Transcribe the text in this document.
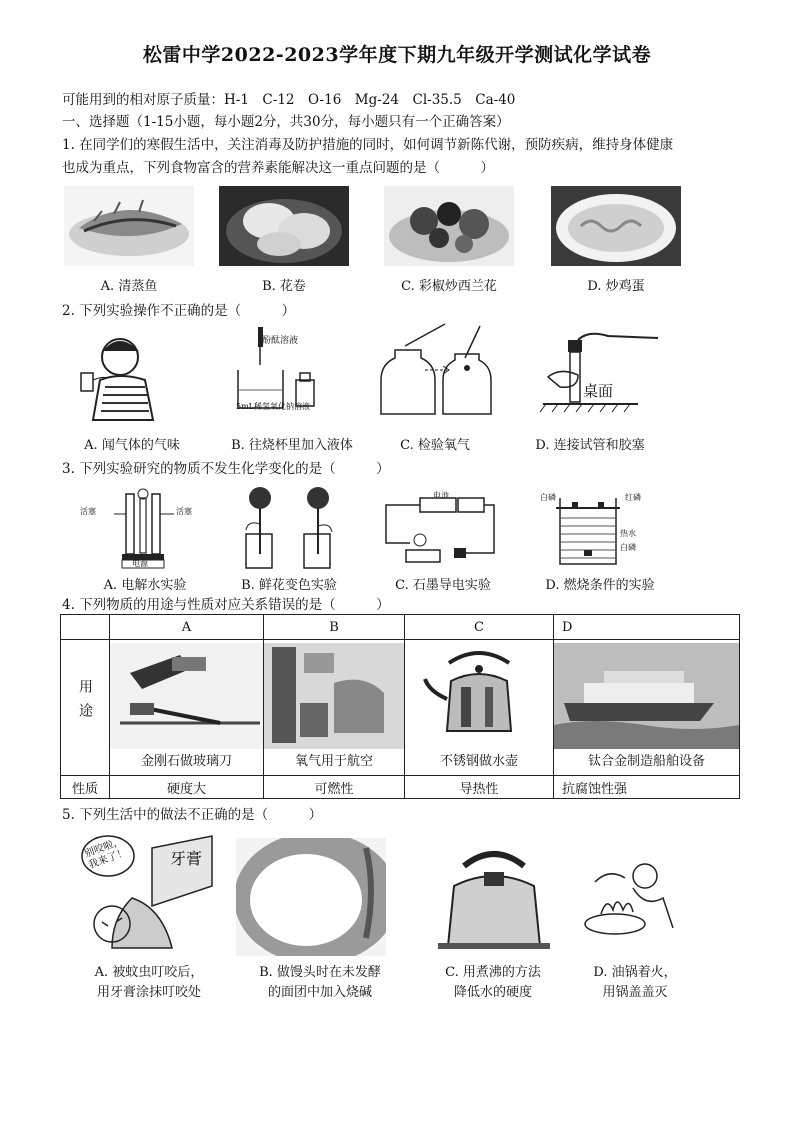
松雷中学2022-2023学年度下期九年级开学测试化学试卷
可能用到的相对原子质量：H-1　C-12　O-16　Mg-24　Cl-35.5　Ca-40
一、选择题（1-15小题，每小题2分，共30分，每小题只有一个正确答案）
1. 在同学们的寒假生活中，关注消毒及防护措施的同时，如何调节新陈代谢，预防疾病，维持身体健康
也成为重点，下列食物富含的营养素能解决这一重点问题的是（　　　）
A. 清蒸鱼	B. 花卷	C. 彩椒炒西兰花	D. 炒鸡蛋
2. 下列实验操作不正确的是（　　　）
酚酞溶液
5mL稀氢氧化钠溶液
桌面
A. 闻气体的气味	B. 往烧杯里加入液体	C. 检验氧气	D. 连接试管和胶塞
3. 下列实验研究的物质不发生化学变化的是（　　　）
活塞	活塞
电源
电池	白磷	红磷
热水
白磷
A. 电解水实验	B. 鲜花变色实验	C. 石墨导电实验	D. 燃烧条件的实验
4. 下列物质的用途与性质对应关系错误的是（　　　）
	A	B	C	D
用途	金刚石做玻璃刀	氧气用于航空	不锈钢做水壶	钛合金制造船舶设备

性质	硬度大	可燃性	导热性	抗腐蚀性强
5. 下列生活中的做法不正确的是（　　　）
别咬啦，我来了！	牙膏
A. 被蚊虫叮咬后，
用牙膏涂抹叮咬处
B. 做馒头时在未发酵
的面团中加入烧碱
C. 用煮沸的方法
降低水的硬度
D. 油锅着火，
用锅盖盖灭
